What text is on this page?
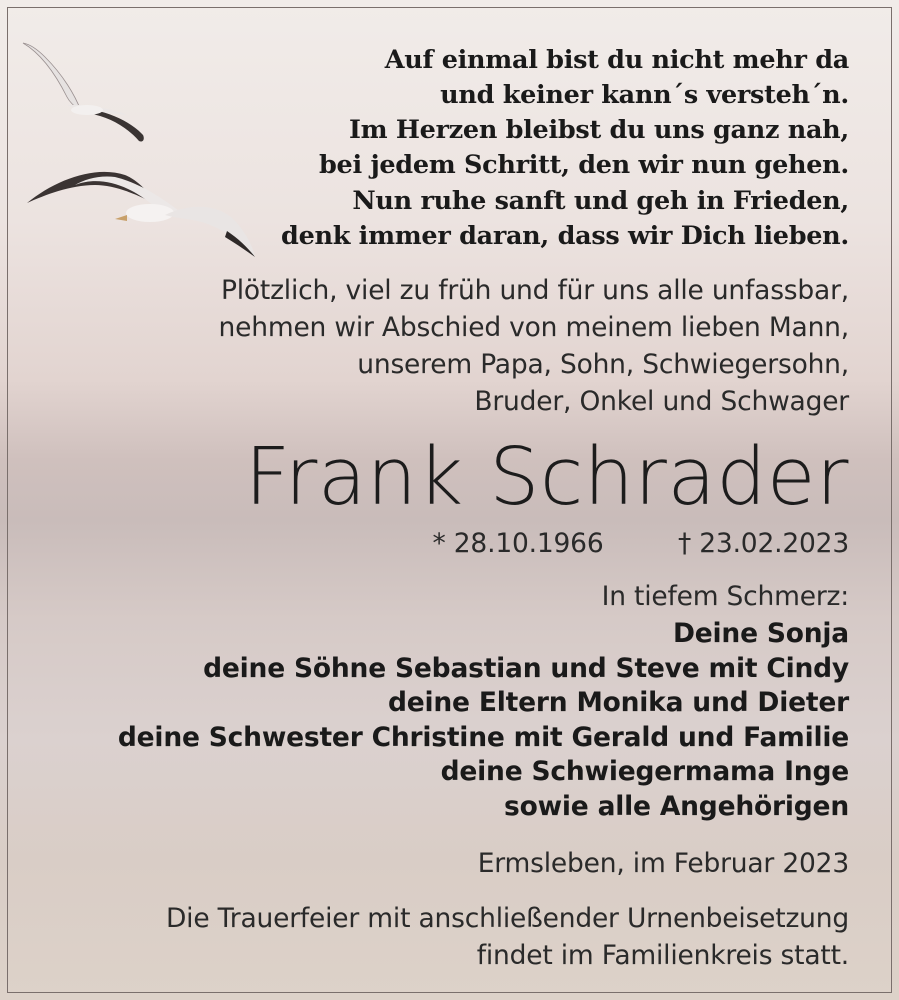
Auf einmal bist du nicht mehr da
und keiner kann´s versteh´n.
Im Herzen bleibst du uns ganz nah,
bei jedem Schritt, den wir nun gehen.
Nun ruhe sanft und geh in Frieden,
denk immer daran, dass wir Dich lieben.
Plötzlich, viel zu früh und für uns alle unfassbar,
nehmen wir Abschied von meinem lieben Mann,
unserem Papa, Sohn, Schwiegersohn,
Bruder, Onkel und Schwager
Frank Schrader
* 28.10.1966	† 23.02.2023
In tiefem Schmerz:
Deine Sonja
deine Söhne Sebastian und Steve mit Cindy
deine Eltern Monika und Dieter
deine Schwester Christine mit Gerald und Familie
deine Schwiegermama Inge
sowie alle Angehörigen
Ermsleben, im Februar 2023
Die Trauerfeier mit anschließender Urnenbeisetzung
findet im Familienkreis statt.
